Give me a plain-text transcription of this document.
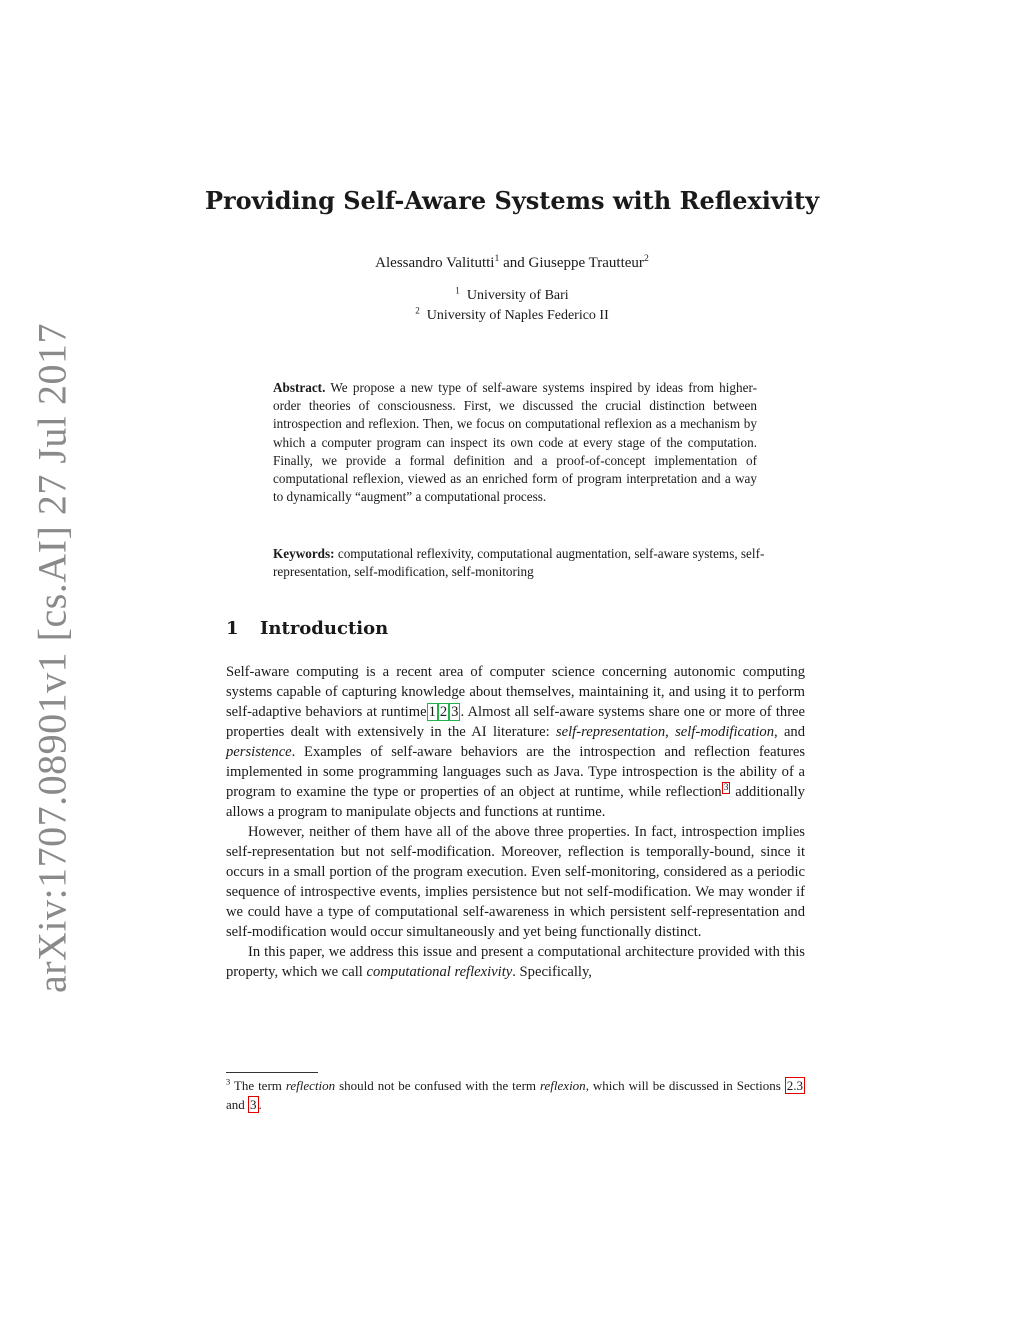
arXiv:1707.08901v1 [cs.AI] 27 Jul 2017
Providing Self-Aware Systems with Reflexivity
Alessandro Valitutti$^1$ and Giuseppe Trautteur$^2$
$^1$ University of Bari
$^2$ University of Naples Federico II
Abstract. We propose a new type of self-aware systems inspired by ideas from higher-order theories of consciousness. First, we discussed the crucial distinction between introspection and reflexion. Then, we focus on computational reflexion as a mechanism by which a computer program can inspect its own code at every stage of the computation. Finally, we provide a formal definition and a proof-of-concept implementation of computational reflexion, viewed as an enriched form of program interpretation and a way to dynamically “augment” a computational process.
Keywords: computational reflexivity, computational augmentation, self-aware systems, self-representation, self-modification, self-monitoring
1 Introduction

Self-aware computing is a recent area of computer science concerning autonomic computing systems capable of capturing knowledge about themselves, maintaining it, and using it to perform self-adaptive behaviors at runtime 1 2 3 . Almost all self-aware systems share one or more of three properties dealt with extensively in the AI literature: self-representation, self-modification, and persistence. Examples of self-aware behaviors are the introspection and reflection features implemented in some programming languages such as Java. Type introspection is the ability of a program to examine the type or properties of an object at runtime, while reflection $^3$ additionally allows a program to manipulate objects and functions at runtime.

However, neither of them have all of the above three properties. In fact, introspection implies self-representation but not self-modification. Moreover, reflection is temporally-bound, since it occurs in a small portion of the program execution. Even self-monitoring, considered as a periodic sequence of introspective events, implies persistence but not self-modification. We may wonder if we could have a type of computational self-awareness in which persistent self-representation and self-modification would occur simultaneously and yet being functionally distinct.

In this paper, we address this issue and present a computational architecture provided with this property, which we call computational reflexivity. Specifically,

$^3$ The term reflection should not be confused with the term reflexion, which will be discussed in Sections 2.3 and 3 .
